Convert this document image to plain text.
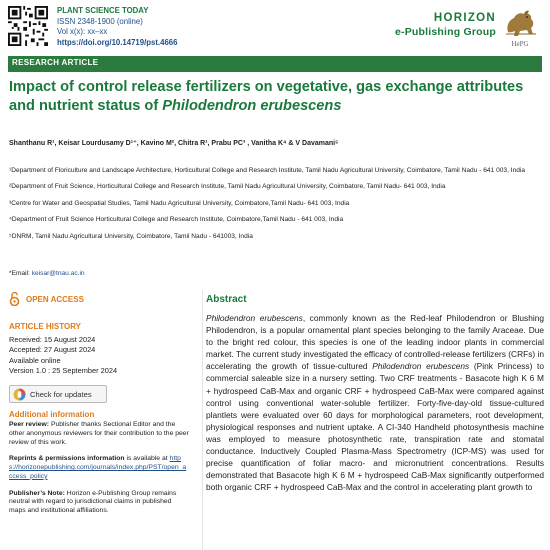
PLANT SCIENCE TODAY
ISSN 2348-1900 (online)
Vol x(x): xx–xx
https://doi.org/10.14719/pst.4666
HORIZON
e-Publishing Group
HePG
RESEARCH ARTICLE
Impact of control release fertilizers on vegetative, gas exchange attributes and nutrient status of Philodendron erubescens
Shanthanu R¹, Keisar Lourdusamy D¹⁺, Kavino M², Chitra R¹, Prabu PC³ , Vanitha K⁴ & V Davamani⁵
¹Department of Floriculture and Landscape Architecture, Horticultural College and Research Institute, Tamil Nadu Agricultural University, Coimbatore, Tamil Nadu - 641 003, India
²Department of Fruit Science, Horticultural College and Research Institute, Tamil Nadu Agricultural University, Coimbatore, Tamil Nadu- 641 003, India
³Centre for Water and Geospatial Studies, Tamil Nadu Agricultural University, Coimbatore,Tamil Nadu- 641 003, India
⁴Department of Fruit Science Horticultural College and Research Institute, Coimbatore,Tamil Nadu - 641 003, India
⁵DNRM, Tamil Nadu Agricultural University, Coimbatore, Tamil Nadu - 641003, India
*Email: keisar@tnau.ac.in
OPEN ACCESS
ARTICLE HISTORY
Received: 15 August 2024
Accepted: 27 August 2024
Available online
Version 1.0 : 25 September 2024
Check for updates
Additional information
Peer review: Publisher thanks Sectional Editor and the other anonymous reviewers for their contribution to the peer review of this work.
Reprints & permissions information is available at https://horizonepublishing.com/journals/index.php/PST/open_access_policy
Publisher’s Note: Horizon e-Publishing Group remains neutral with regard to jurisdictional claims in published maps and institutional affiliations.
Abstract
Philodendron erubescens, commonly known as the Red-leaf Philodendron or Blushing Philodendron, is a popular ornamental plant species belonging to the family Araceae. Due to the bright red colour, this species is one of the leading indoor plants in commercial market. The current study investigated the efficacy of controlled-release fertilizers (CRFs) in accelerating the growth of tissue-cultured Philodendron erubescens (Pink Princess) to commercial saleable size in a nursery setting. Two CRF treatments - Basacote high K 6 M + hydrospeed CaB-Max and organic CRF + hydrospeed CaB-Max were compared against control using conventional water-soluble fertilizer. Forty-five-day-old tissue-cultured plantlets were evaluated over 60 days for morphological parameters, root development, physiological responses and nutrient uptake. A CI-340 Handheld photosynthesis machine was employed to measure photosynthetic rate, transpiration rate and stomatal conductance. Inductively Coupled Plasma-Mass Spectrometry (ICP-MS) was used for precise quantification of foliar macro- and micronutrient concentrations. Results demonstrated that Basacote high K 6 M + hydrospeed CaB-Max significantly outperformed both organic CRF + hydrospeed CaB-Max and the control in accelerating plant growth to
